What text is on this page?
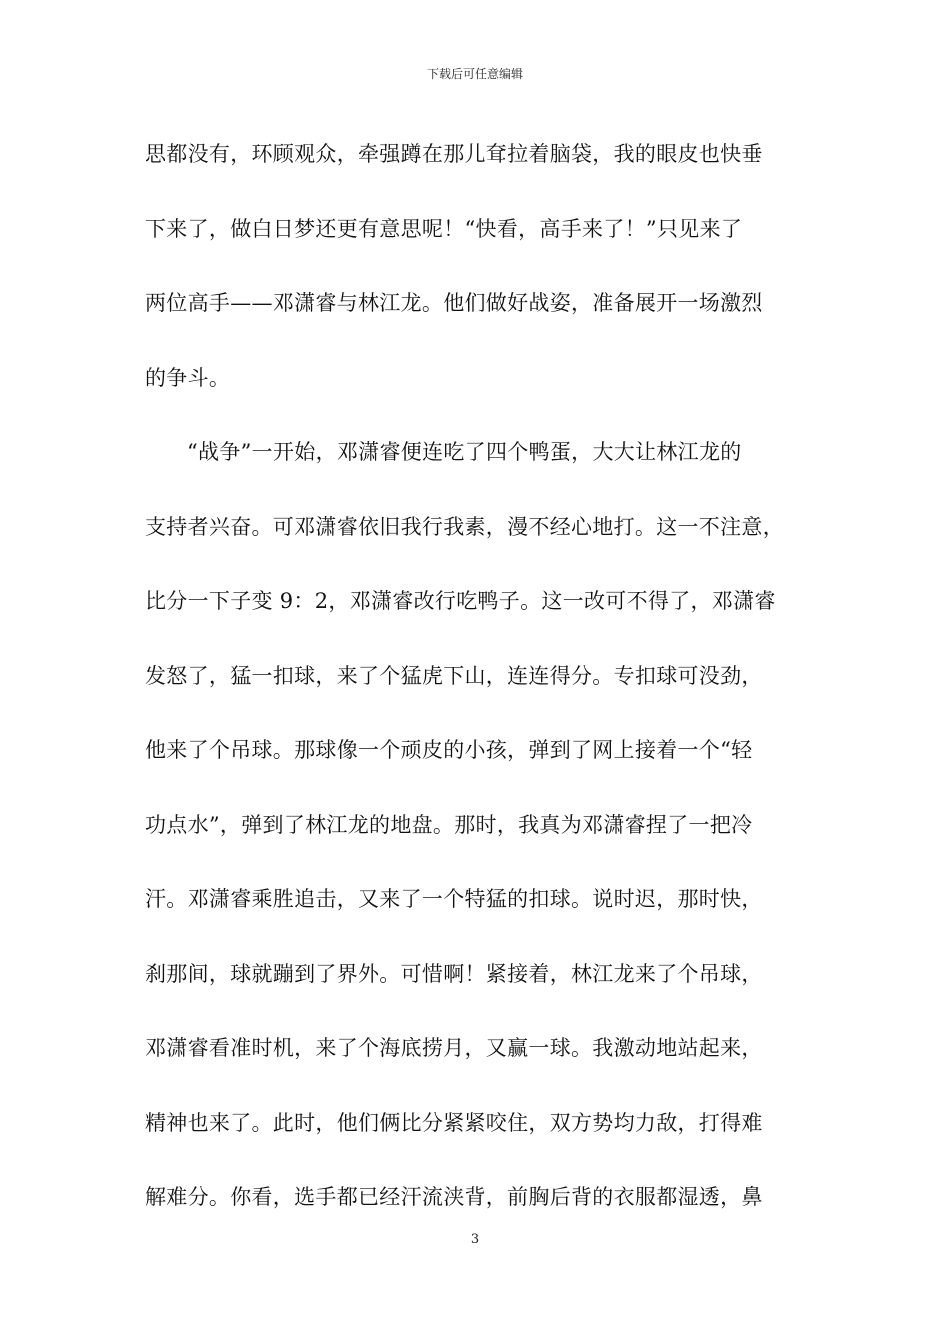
下载后可任意编辑
思都没有，环顾观众，牵强蹲在那儿耷拉着脑袋，我的眼皮也快垂
下来了，做白日梦还更有意思呢！“快看，高手来了！”只见来了
两位高手——邓潇睿与林江龙。他们做好战姿，准备展开一场激烈
的争斗。
“战争”一开始，邓潇睿便连吃了四个鸭蛋，大大让林江龙的
支持者兴奋。可邓潇睿依旧我行我素，漫不经心地打。这一不注意，
比分一下子变 9：2，邓潇睿改行吃鸭子。这一改可不得了，邓潇睿
发怒了，猛一扣球，来了个猛虎下山，连连得分。专扣球可没劲，
他来了个吊球。那球像一个顽皮的小孩，弹到了网上接着一个“轻
功点水”，弹到了林江龙的地盘。那时，我真为邓潇睿捏了一把冷
汗。邓潇睿乘胜追击，又来了一个特猛的扣球。说时迟，那时快，
刹那间，球就蹦到了界外。可惜啊！紧接着，林江龙来了个吊球，
邓潇睿看准时机，来了个海底捞月，又赢一球。我激动地站起来，
精神也来了。此时，他们俩比分紧紧咬住，双方势均力敌，打得难
解难分。你看，选手都已经汗流浃背，前胸后背的衣服都湿透，鼻
3
